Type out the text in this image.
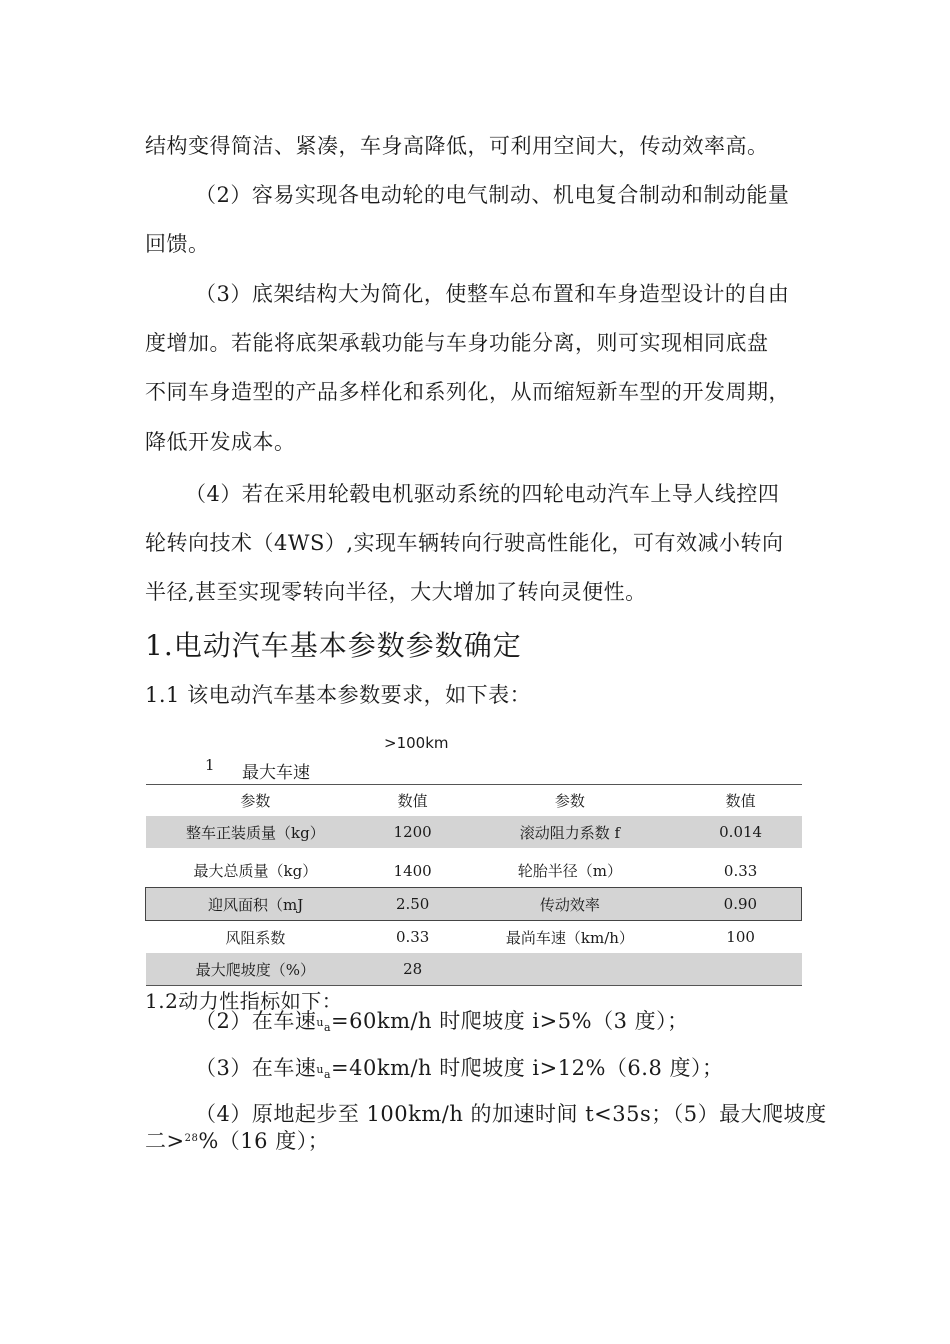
结构变得简洁、紧凑，车身高降低，可利用空间大，传动效率高。
（2）容易实现各电动轮的电气制动、机电复合制动和制动能量
回馈。
（3）底架结构大为简化，使整车总布置和车身造型设计的自由
度增加。若能将底架承载功能与车身功能分离，则可实现相同底盘
不同车身造型的产品多样化和系列化，从而缩短新车型的开发周期，
降低开发成本。
（4）若在采用轮毂电机驱动系统的四轮电动汽车上导人线控四
轮转向技术（4WS）,实现车辆转向行驶高性能化，可有效减小转向
半径,甚至实现零转向半径，大大增加了转向灵便性。
1.电动汽车基本参数参数确定
1.1 该电动汽车基本参数要求，如下表：
>100km
1 最大车速
参数	数值	参数	数值
整车正装质量（kg）	1200	滚动阻力系数 f	0.014
最大总质量（kg）	1400	轮胎半径（m）	0.33
迎风面积（mJ	2.50	传动效率	0.90
风阻系数	0.33	最尚车速（km/h）	100
最大爬坡度（%）	28		
1.2动力性指标如下：
（2）在车速ua=60km/h 时爬坡度 i>5%（3 度）；
（3）在车速ua=40km/h 时爬坡度 i>12%（6.8 度）；
（4）原地起步至 100km/h 的加速时间 t<35s；（5）最大爬坡度
二>$^{28}$%（16 度）；
